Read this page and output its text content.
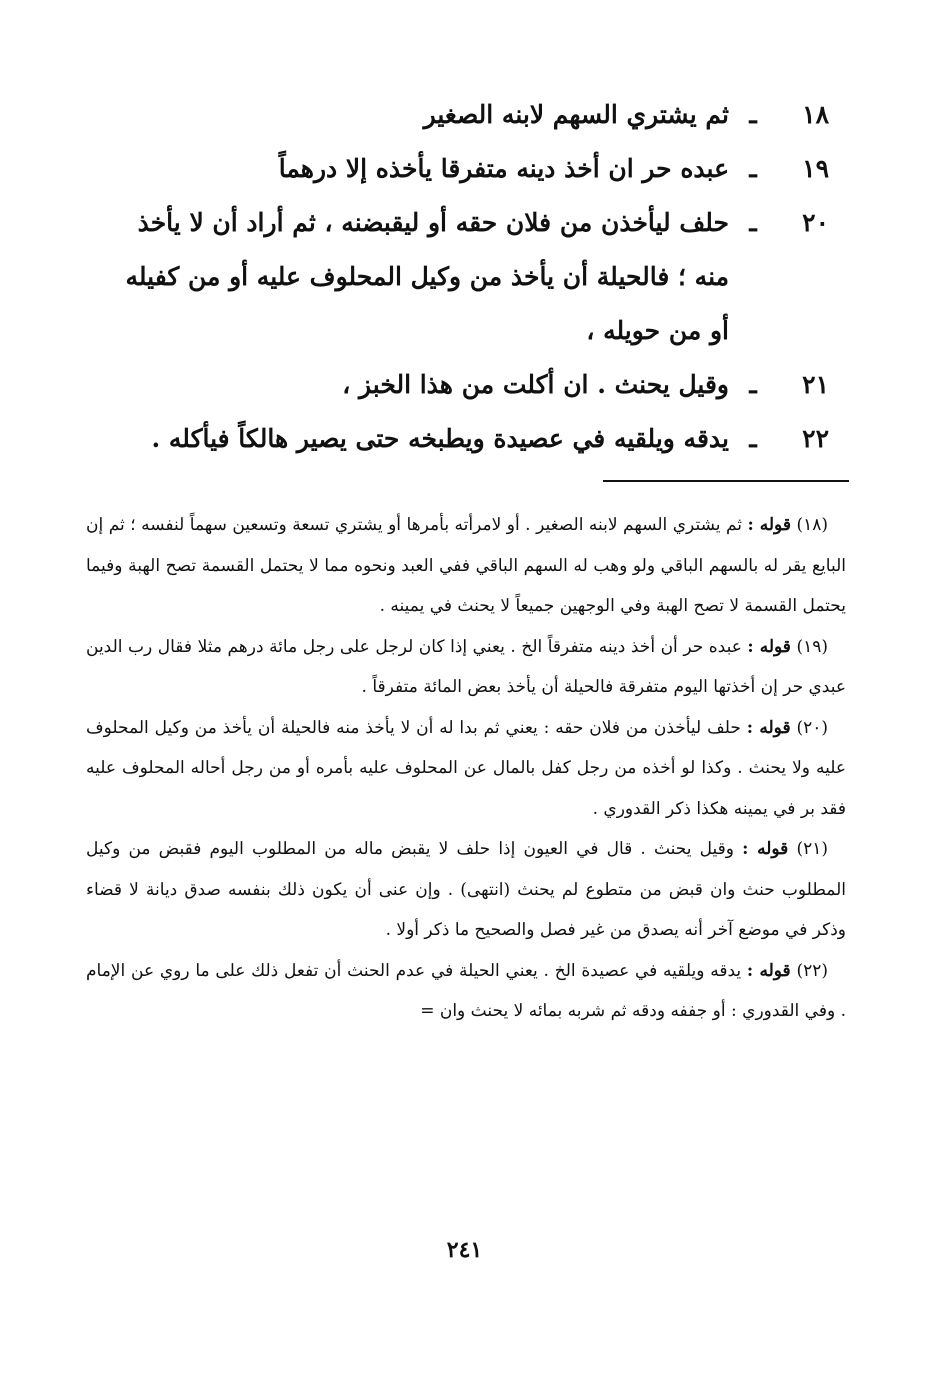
١٨
ـ
ثم يشتري السهم لابنه الصغير
١٩
ـ
عبده حر ان أخذ دينه متفرقا يأخذه إلا درهماً
٢٠
ـ
حلف ليأخذن من فلان حقه أو ليقبضنه ، ثم أراد أن لا يأخذ
منه ؛ فالحيلة أن يأخذ من وكيل المحلوف عليه أو من كفيله
أو من حويله ،
٢١
ـ
وقيل يحنث . ان أكلت من هذا الخبز ،
٢٢
ـ
يدقه ويلقيه في عصيدة ويطبخه حتى يصير هالكاً فيأكله .
(١٨) قوله : ثم يشتري السهم لابنه الصغير . أو لامرأته بأمرها أو يشتري تسعة وتسعين سهماً لنفسه ؛ ثم إن البايع يقر له بالسهم الباقي ولو وهب له السهم الباقي ففي العبد ونحوه مما لا يحتمل القسمة تصح الهبة وفيما يحتمل القسمة لا تصح الهبة وفي الوجهين جميعاً لا يحنث في يمينه .
(١٩) قوله : عبده حر أن أخذ دينه متفرقاً الخ . يعني إذا كان لرجل على رجل مائة درهم مثلا فقال رب الدين عبدي حر إن أخذتها اليوم متفرقة فالحيلة أن يأخذ بعض المائة متفرقاً .
(٢٠) قوله : حلف ليأخذن من فلان حقه : يعني ثم بدا له أن لا يأخذ منه فالحيلة أن يأخذ من وكيل المحلوف عليه ولا يحنث . وكذا لو أخذه من رجل كفل بالمال عن المحلوف عليه بأمره أو من رجل أحاله المحلوف عليه فقد بر في يمينه هكذا ذكر القدوري .
(٢١) قوله : وقيل يحنث . قال في العيون إذا حلف لا يقبض ماله من المطلوب اليوم فقبض من وكيل المطلوب حنث وان قبض من متطوع لم يحنث (انتهى) . وإن عنى أن يكون ذلك بنفسه صدق ديانة لا قضاء وذكر في موضع آخر أنه يصدق من غير فصل والصحيح ما ذكر أولا .
(٢٢) قوله : يدقه ويلقيه في عصيدة الخ . يعني الحيلة في عدم الحنث أن تفعل ذلك على ما روي عن الإمام . وفي القدوري : أو جففه ودقه ثم شربه بمائه لا يحنث وان =
٢٤١
